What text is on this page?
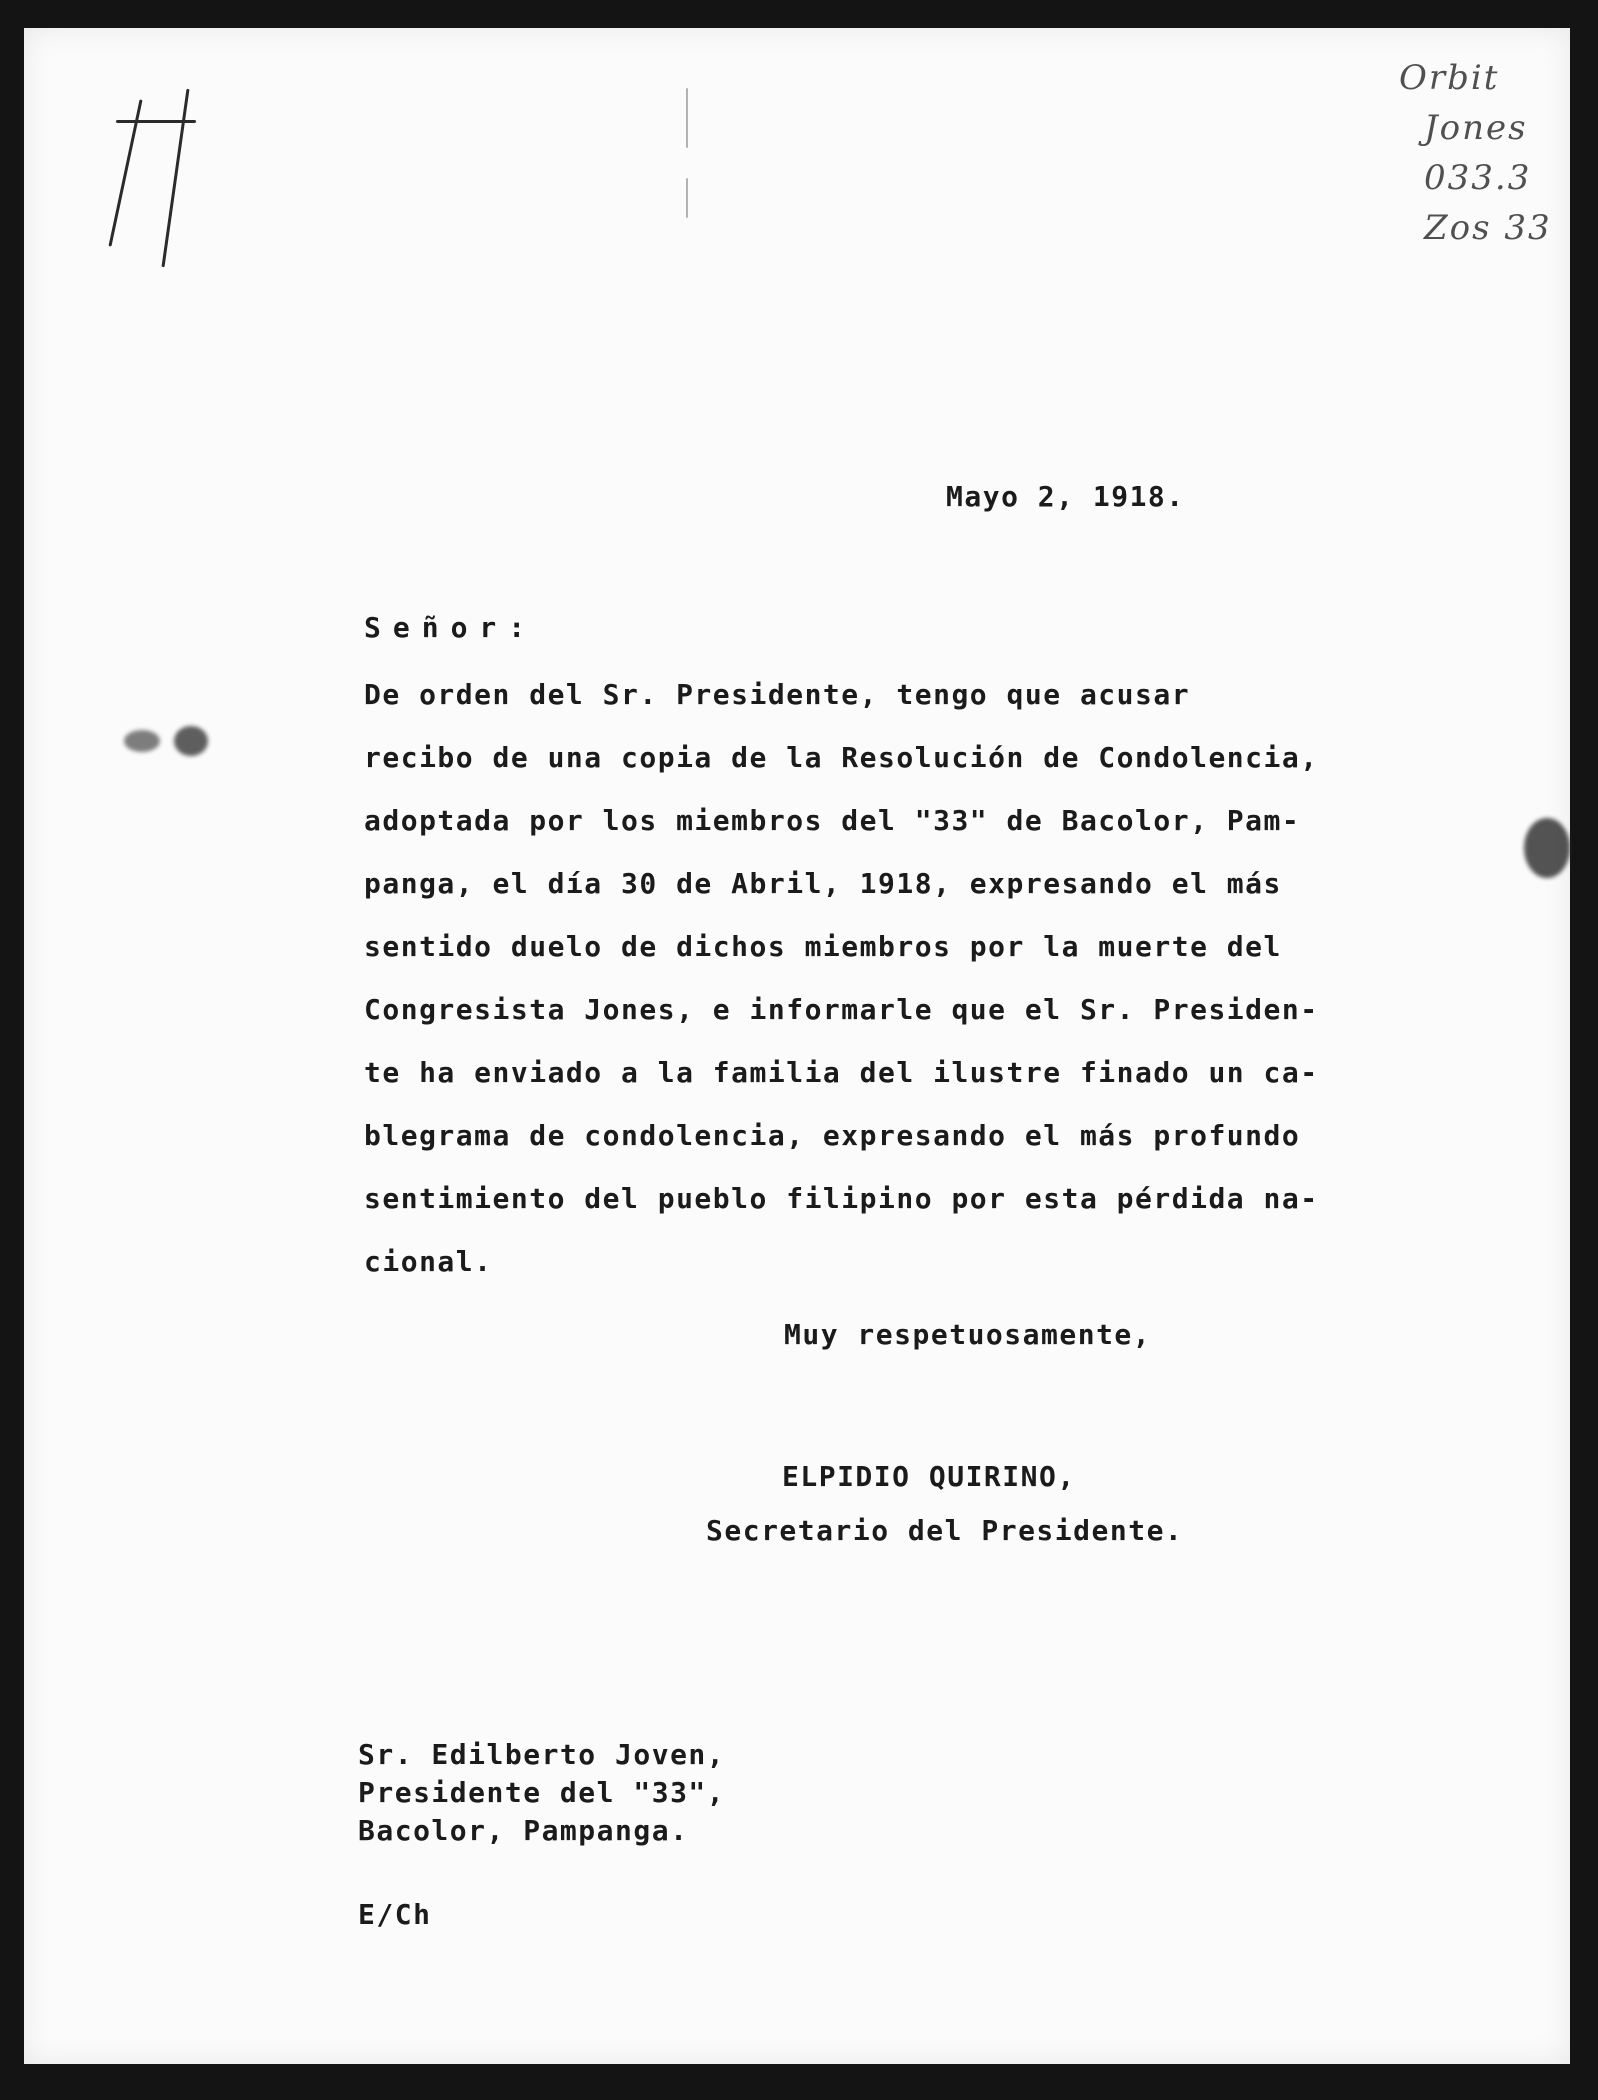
Orbit
Jones
033.3
Zos 33
Mayo 2, 1918.
Señor:
De orden del Sr. Presidente, tengo que acusar
recibo de una copia de la Resolución de Condolencia,
adoptada por los miembros del "33" de Bacolor, Pam-
panga, el día 30 de Abril, 1918, expresando el más
sentido duelo de dichos miembros por la muerte del
Congresista Jones, e informarle que el Sr. Presiden-
te ha enviado a la familia del ilustre finado un ca-
blegrama de condolencia, expresando el más profundo
sentimiento del pueblo filipino por esta pérdida na-
cional.
Muy respetuosamente,
ELPIDIO QUIRINO,
Secretario del Presidente.
Sr. Edilberto Joven,
Presidente del "33",
Bacolor, Pampanga.
E/Ch
